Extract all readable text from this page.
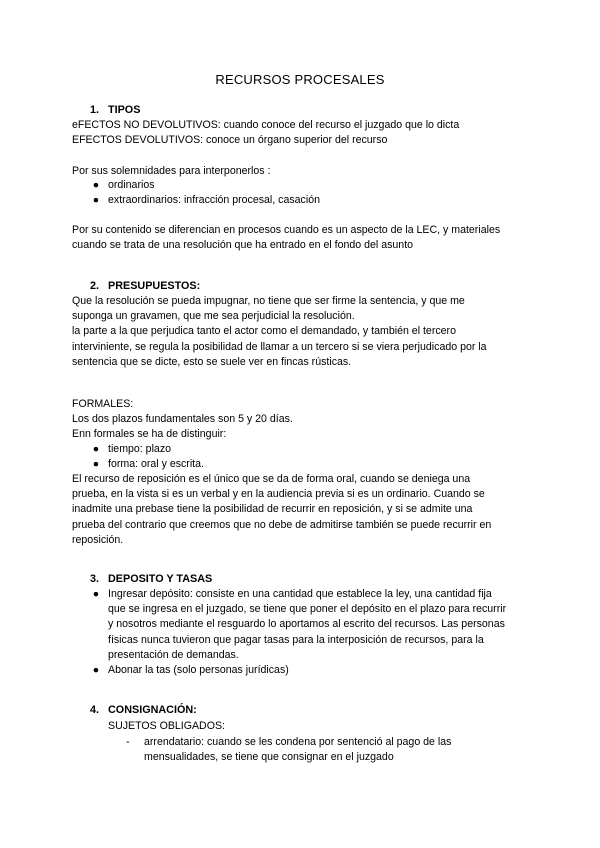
RECURSOS PROCESALES
1. TIPOS
eFECTOS NO DEVOLUTIVOS: cuando conoce del recurso el juzgado que lo dicta
EFECTOS DEVOLUTIVOS: conoce un órgano superior del recurso
Por sus solemnidades para interponerlos :
● ordinarios
● extraordinarios: infracción procesal, casación
Por su contenido se diferencian en procesos cuando es un aspecto de la LEC, y materiales
cuando se trata de una resolución que ha entrado en el fondo del asunto
2. PRESUPUESTOS:
Que la resolución se pueda impugnar, no tiene que ser firme la sentencia, y que me
suponga un gravamen, que me sea perjudicial la resolución.
la parte a la que perjudica tanto el actor como el demandado, y también el tercero
interviniente, se regula la posibilidad de llamar a un tercero si se viera perjudicado por la
sentencia que se dicte, esto se suele ver en fincas rústicas.
FORMALES:
Los dos plazos fundamentales son 5 y 20 días.
Enn formales se ha de distinguir:
● tiempo: plazo
● forma: oral y escrita.
El recurso de reposición es el único que se da de forma oral, cuando se deniega una
prueba, en la vista si es un verbal y en la audiencia previa si es un ordinario. Cuando se
inadmite una prebase tiene la posibilidad de recurrir en reposición, y si se admite una
prueba del contrario que creemos que no debe de admitirse también se puede recurrir en
reposición.
3. DEPOSITO Y TASAS
● Ingresar depósito: consiste en una cantidad que establece la ley, una cantidad fija
que se ingresa en el juzgado, se tiene que poner el depósito en el plazo para recurrir
y nosotros mediante el resguardo lo aportamos al escrito del recursos. Las personas
físicas nunca tuvieron que pagar tasas para la interposición de recursos, para la
presentación de demandas.
● Abonar la tas (solo personas jurídicas)
4. CONSIGNACIÓN:
SUJETOS OBLIGADOS:
- arrendatario: cuando se les condena por sentenció al pago de las
mensualidades, se tiene que consignar en el juzgado
